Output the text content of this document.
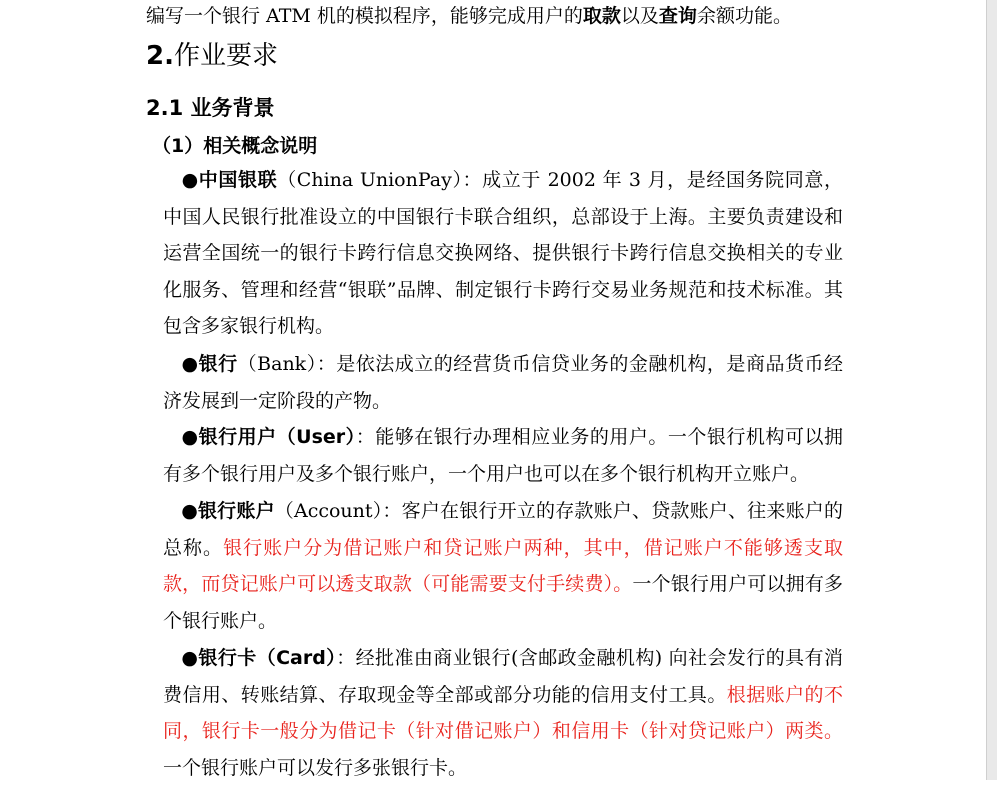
编写一个银行 ATM 机的模拟程序，能够完成用户的取款以及查询余额功能。
2.作业要求
2.1 业务背景
（1）相关概念说明
●中国银联（China UnionPay）：成立于 2002 年 3 月，是经国务院同意，中国人民银行批准设立的中国银行卡联合组织，总部设于上海。主要负责建设和运营全国统一的银行卡跨行信息交换网络、提供银行卡跨行信息交换相关的专业化服务、管理和经营“银联”品牌、制定银行卡跨行交易业务规范和技术标准。其包含多家银行机构。
●银行（Bank）：是依法成立的经营货币信贷业务的金融机构，是商品货币经济发展到一定阶段的产物。
●银行用户（User）：能够在银行办理相应业务的用户。一个银行机构可以拥有多个银行用户及多个银行账户，一个用户也可以在多个银行机构开立账户。
●银行账户（Account）：客户在银行开立的存款账户、贷款账户、往来账户的总称。银行账户分为借记账户和贷记账户两种，其中，借记账户不能够透支取款，而贷记账户可以透支取款（可能需要支付手续费）。一个银行用户可以拥有多个银行账户。
●银行卡（Card）：经批准由商业银行(含邮政金融机构) 向社会发行的具有消费信用、转账结算、存取现金等全部或部分功能的信用支付工具。根据账户的不同，银行卡一般分为借记卡（针对借记账户）和信用卡（针对贷记账户）两类。一个银行账户可以发行多张银行卡。
